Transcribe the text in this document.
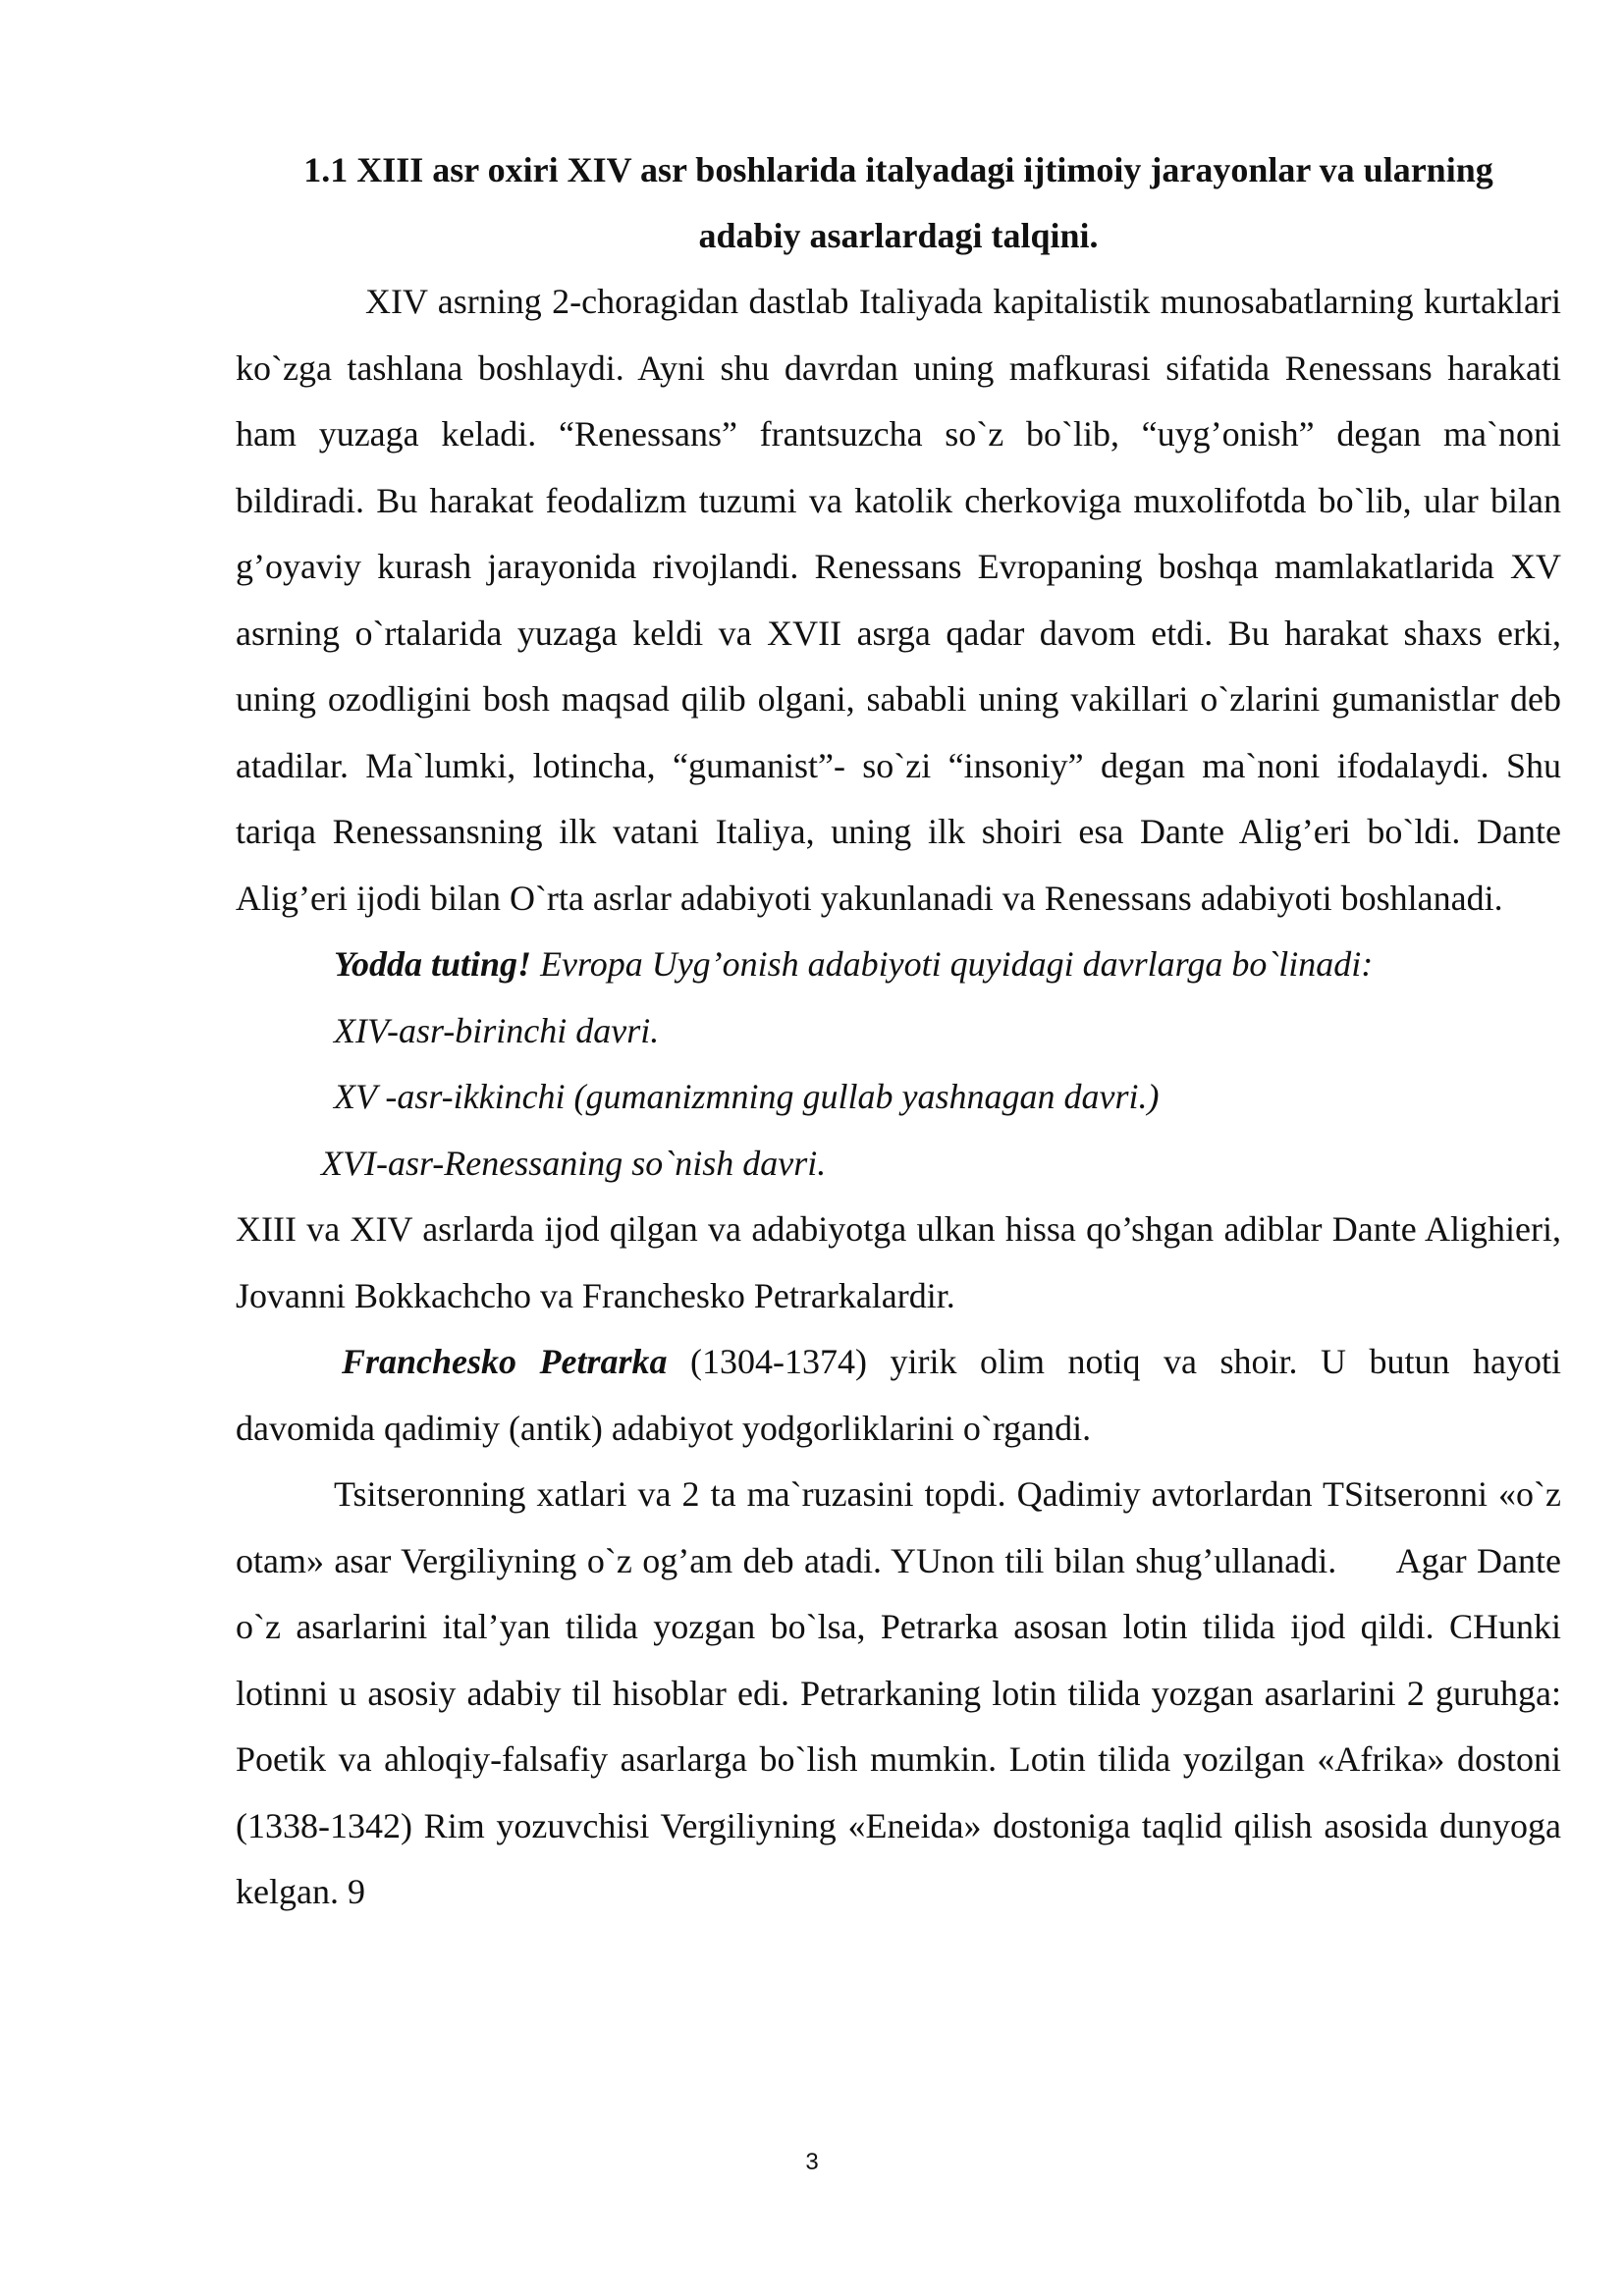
1.1 XIII asr oxiri XIV asr boshlarida italyadagi ijtimoiy jarayonlar va ularning

adabiy asarlardagi talqini.

XIV asrning 2-choragidan dastlab Italiyada kapitalistik munosabatlarning kurtaklari ko`zga tashlana boshlaydi. Ayni shu davrdan uning mafkurasi sifatida Renessans harakati ham yuzaga keladi. “Renessans” frantsuzcha so`z bo`lib, “uyg’onish” degan ma`noni bildiradi. Bu harakat feodalizm tuzumi va katolik cherkoviga muxolifotda bo`lib, ular bilan g’oyaviy kurash jarayonida rivojlandi. Renessans Evropaning boshqa mamlakatlarida XV asrning o`rtalarida yuzaga keldi va XVII asrga qadar davom etdi. Bu harakat shaxs erki, uning ozodligini bosh maqsad qilib olgani, sababli uning vakillari o`zlarini gumanistlar deb atadilar. Ma`lumki, lotincha, “gumanist”- so`zi “insoniy” degan ma`noni ifodalaydi. Shu tariqa Renessansning ilk vatani Italiya, uning ilk shoiri esa Dante Alig’eri bo`ldi. Dante Alig’eri ijodi bilan O`rta asrlar adabiyoti yakunlanadi va Renessans adabiyoti boshlanadi.

Yodda tuting! Evropa Uyg’onish adabiyoti quyidagi davrlarga bo`linadi:

XIV-asr-birinchi davri.

XV -asr-ikkinchi (gumanizmning gullab yashnagan davri.)

XVI-asr-Renessaning so`nish davri.

XIII va XIV asrlarda ijod qilgan va adabiyotga ulkan hissa qo’shgan adiblar Dante Alighieri, Jovanni Bokkachcho va Franchesko Petrarkalardir.

Franchesko Petrarka (1304-1374) yirik olim notiq va shoir. U butun hayoti davomida qadimiy (antik) adabiyot yodgorliklarini o`rgandi.

Tsitseronning xatlari va 2 ta ma`ruzasini topdi. Qadimiy avtorlardan TSitseronni «o`z otam» asar Vergiliyning o`z og’am deb atadi. YUnon tili bilan shug’ullanadi.      Agar Dante o`z asarlarini ital’yan tilida yozgan bo`lsa, Petrarka asosan lotin tilida ijod qildi. CHunki lotinni u asosiy adabiy til hisoblar edi. Petrarkaning lotin tilida yozgan asarlarini 2 guruhga: Poetik va ahloqiy-falsafiy asarlarga bo`lish mumkin. Lotin tilida yozilgan «Afrika» dostoni (1338-1342) Rim yozuvchisi Vergiliyning «Eneida» dostoniga taqlid qilish asosida dunyoga kelgan. 9

3
